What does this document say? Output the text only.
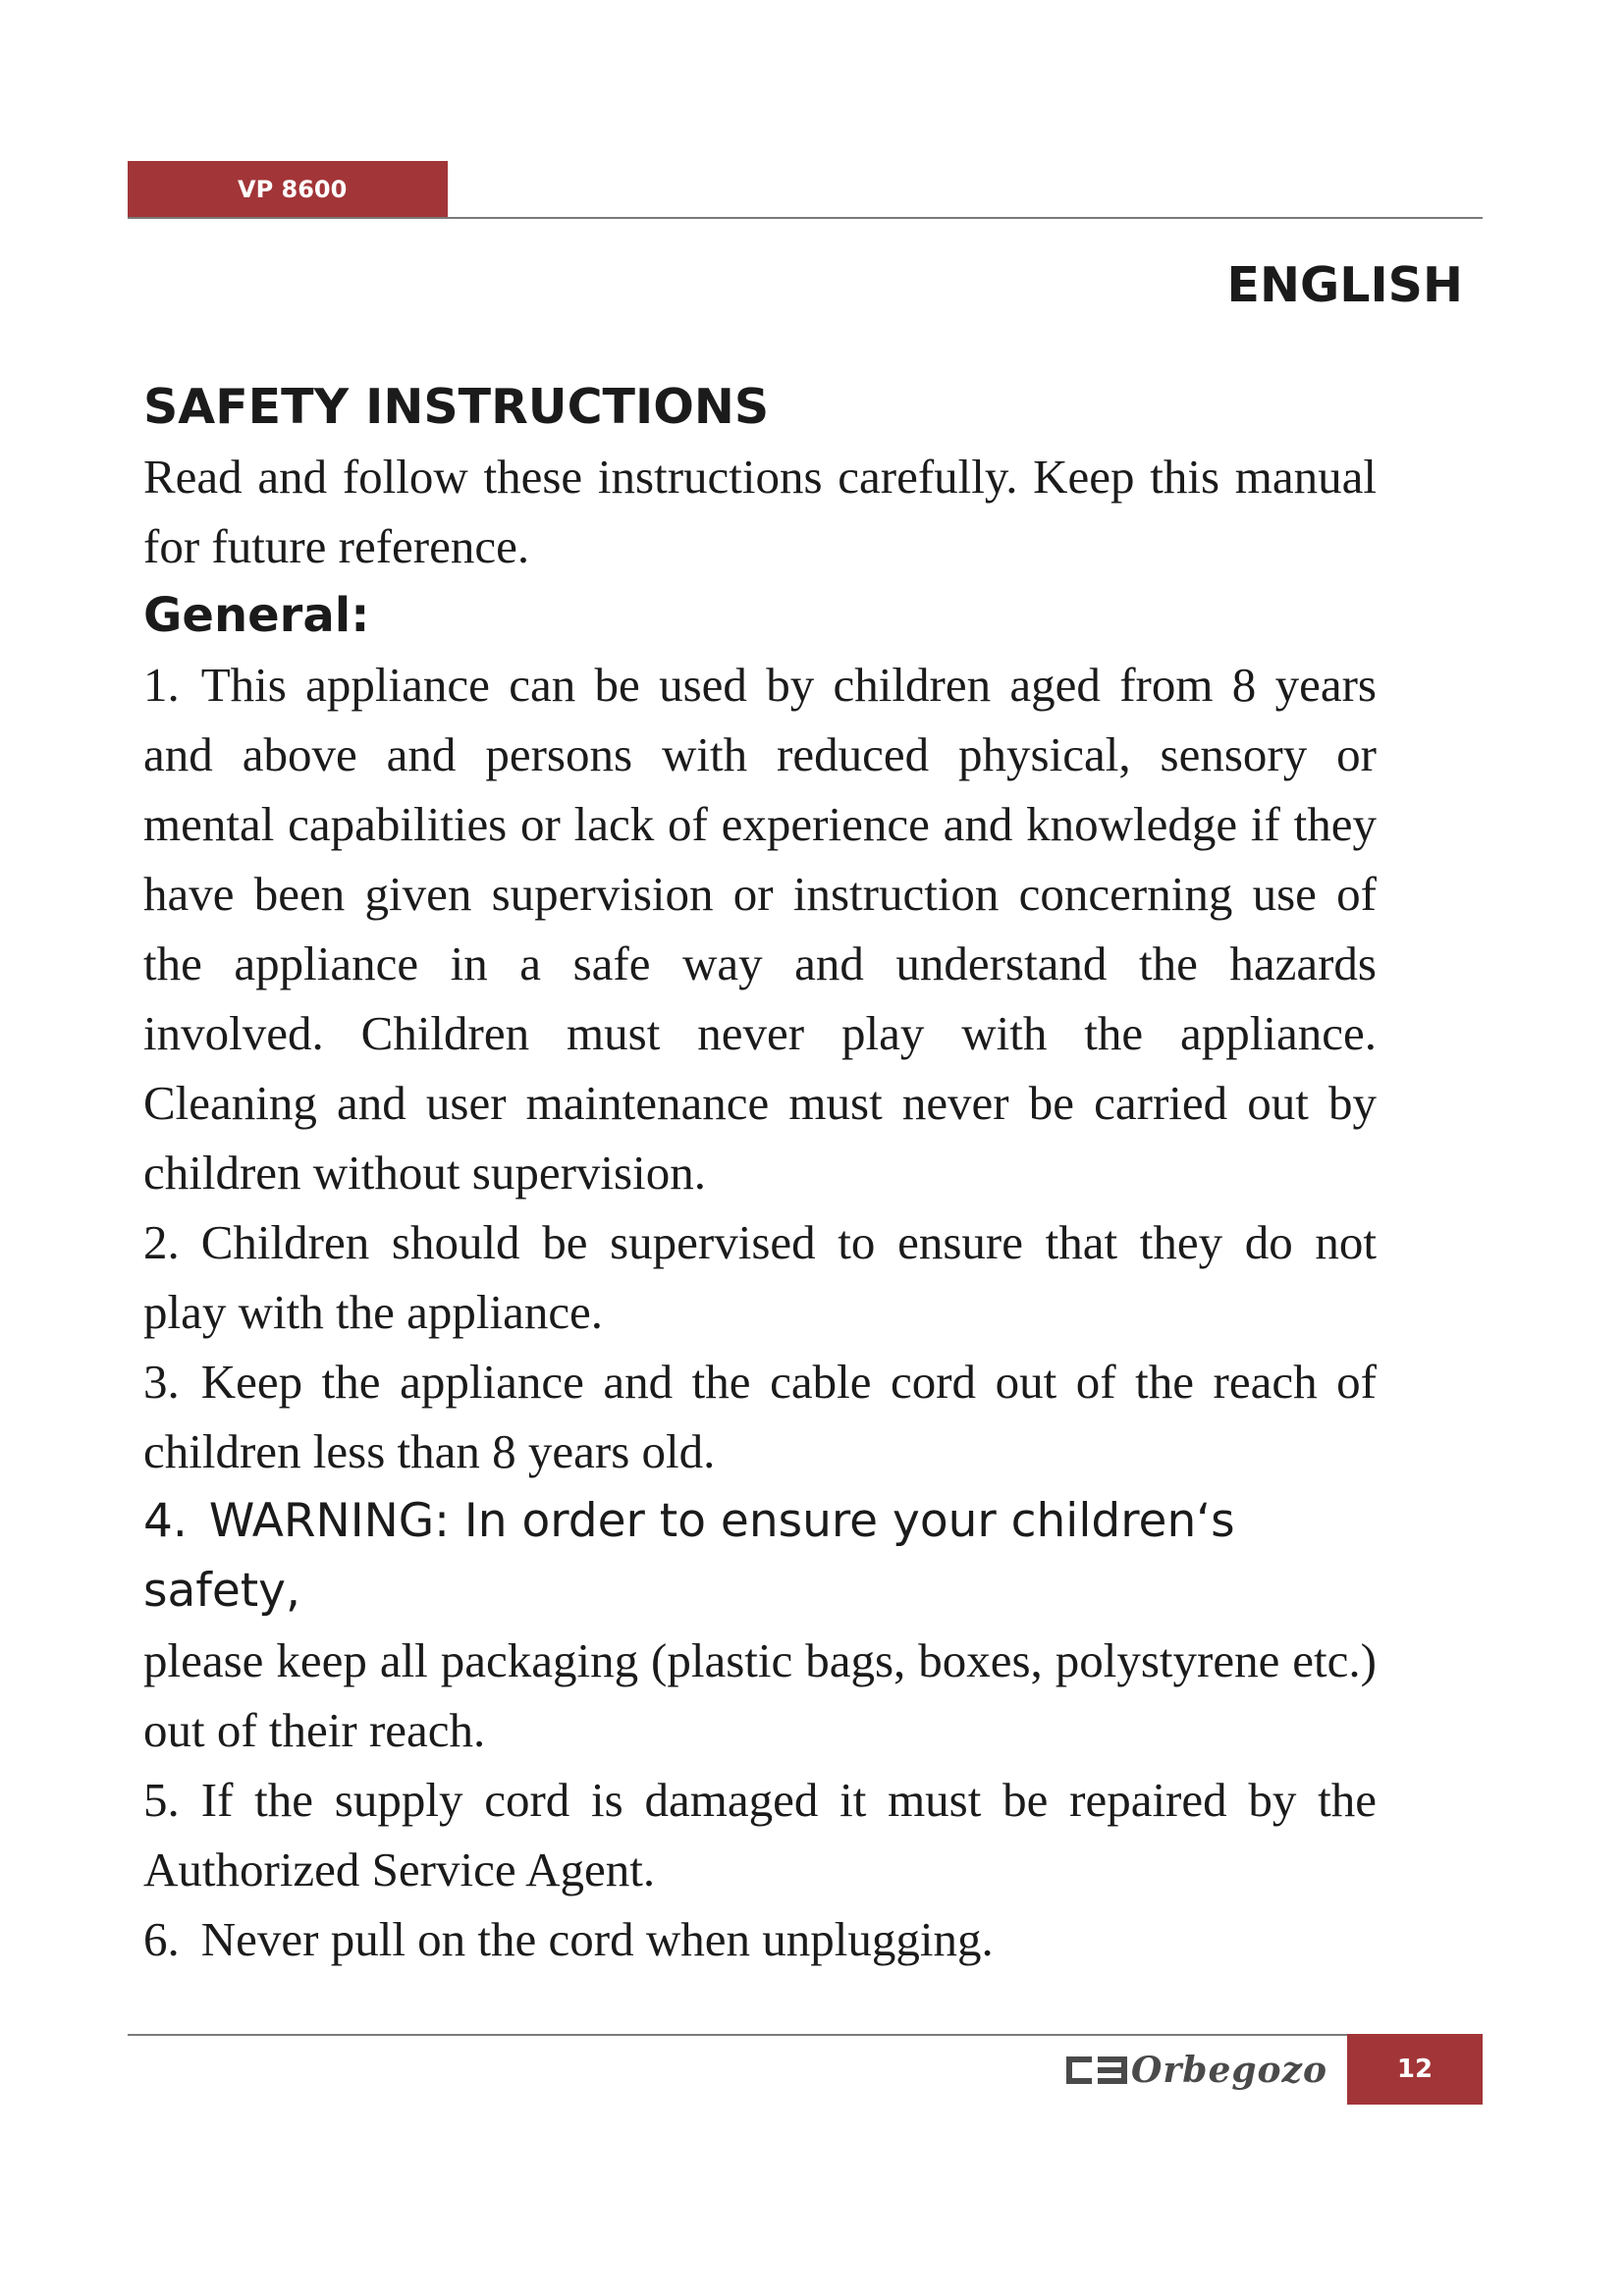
VP 8600
ENGLISH
SAFETY INSTRUCTIONS

Read and follow these instructions carefully. Keep this manual for future reference.

General:

1. This appliance can be used by children aged from 8 years and above and persons with reduced physical, sensory or mental capabilities or lack of experience and knowledge if they have been given supervision or instruction concerning use of the appliance in a safe way and understand the hazards involved. Children must never play with the appliance. Cleaning and user maintenance must never be carried out by children without supervision.

2. Children should be supervised to ensure that they do not play with the appliance.

3. Keep the appliance and the cable cord out of the reach of children less than 8 years old.

4. WARNING: In order to ensure your children‘s safety,
please keep all packaging (plastic bags, boxes, polystyrene etc.) out of their reach.

5. If the supply cord is damaged it must be repaired by the Authorized Service Agent.

6. Never pull on the cord when unplugging.

Orbegozo	12
